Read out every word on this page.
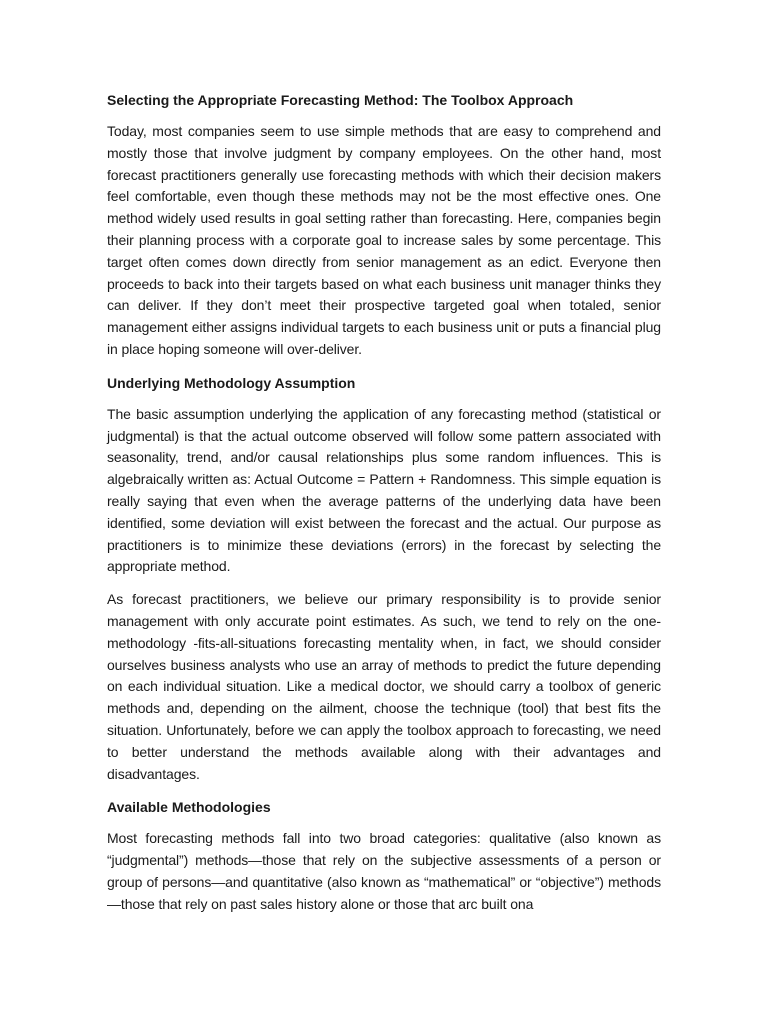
Selecting the Appropriate Forecasting Method: The Toolbox Approach

Today, most companies seem to use simple methods that are easy to comprehend and mostly those that involve judgment by company employees. On the other hand, most forecast practitioners generally use forecasting methods with which their decision makers feel comfortable, even though these methods may not be the most effective ones. One method widely used results in goal setting rather than forecasting. Here, companies begin their planning process with a corporate goal to increase sales by some percentage. This target often comes down directly from senior management as an edict. Everyone then proceeds to back into their targets based on what each business unit manager thinks they can deliver. If they don’t meet their prospective targeted goal when totaled, senior management either assigns individual targets to each business unit or puts a financial plug in place hoping someone will over-deliver.

Underlying Methodology Assumption

The basic assumption underlying the application of any forecasting method (statistical or judgmental) is that the actual outcome observed will follow some pattern associated with seasonality, trend, and/or causal relationships plus some random influences. This is algebraically written as: Actual Outcome = Pattern + Randomness. This simple equation is really saying that even when the average patterns of the underlying data have been identified, some deviation will exist between the forecast and the actual. Our purpose as practitioners is to minimize these deviations (errors) in the forecast by selecting the appropriate method.

As forecast practitioners, we believe our primary responsibility is to provide senior management with only accurate point estimates. As such, we tend to rely on the one-methodology -fits-all-situations forecasting mentality when, in fact, we should consider ourselves business analysts who use an array of methods to predict the future depending on each individual situation. Like a medical doctor, we should carry a toolbox of generic methods and, depending on the ailment, choose the technique (tool) that best fits the situation. Unfortunately, before we can apply the toolbox approach to forecasting, we need to better understand the methods available along with their advantages and disadvantages.

Available Methodologies

Most forecasting methods fall into two broad categories: qualitative (also known as “judgmental”) methods—those that rely on the subjective assessments of a person or group of persons—and quantitative (also known as “mathematical” or “objective”) methods—those that rely on past sales history alone or those that arc built ona
